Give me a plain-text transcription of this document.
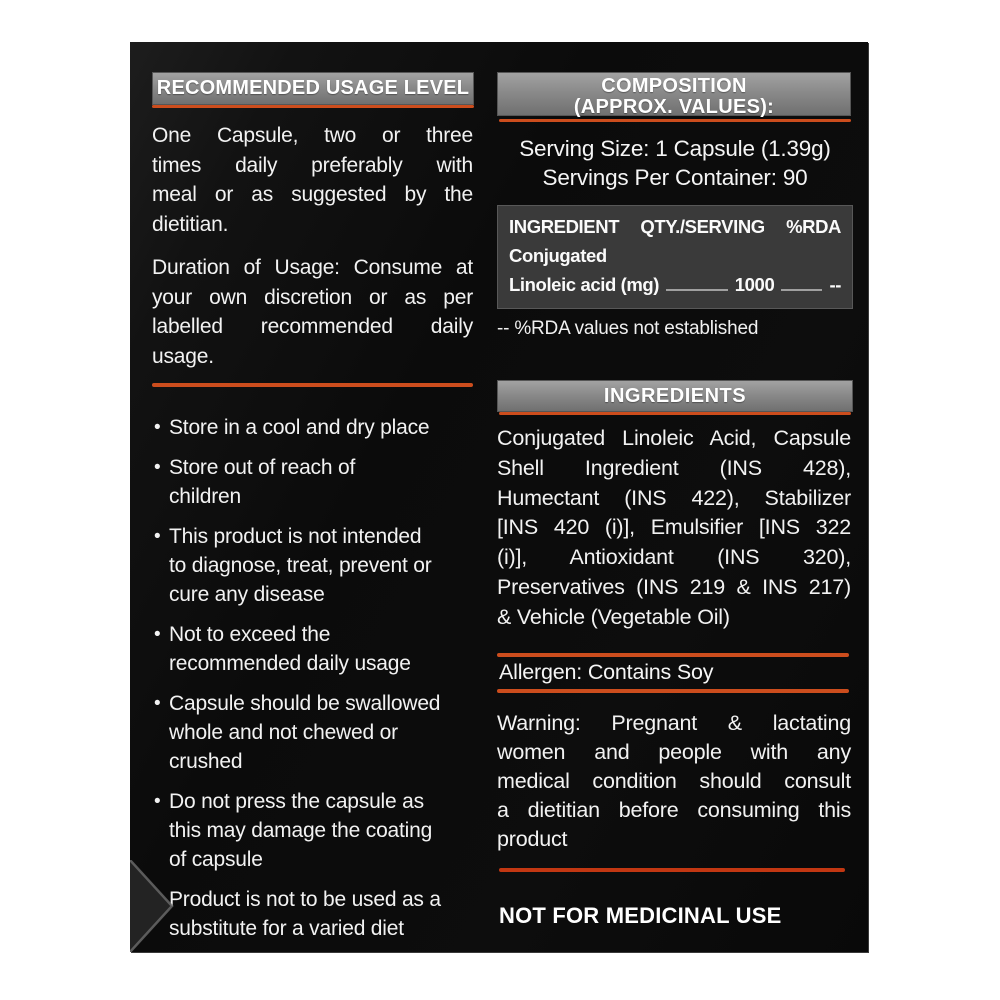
RECOMMENDED USAGE LEVEL
One Capsule, two or three
times daily preferably with
meal or as suggested by the
dietitian.
Duration of Usage: Consume at
your own discretion or as per
labelled recommended daily
usage.
• Store in a cool and dry place
• Store out of reach of
children
• This product is not intended
to diagnose, treat, prevent or
cure any disease
• Not to exceed the
recommended daily usage
• Capsule should be swallowed
whole and not chewed or
crushed
• Do not press the capsule as
this may damage the coating
of capsule
Product is not to be used as a
substitute for a varied diet
COMPOSITION
(APPROX. VALUES):
Serving Size: 1 Capsule (1.39g)
Servings Per Container: 90
INGREDIENT QTY./SERVING %RDA
Conjugated
Linoleic acid (mg)	1000	--
-- %RDA values not established
INGREDIENTS
Conjugated Linoleic Acid, Capsule
Shell Ingredient (INS 428),
Humectant (INS 422), Stabilizer
[INS 420 (i)], Emulsifier [INS 322
(i)], Antioxidant (INS 320),
Preservatives (INS 219 & INS 217)
& Vehicle (Vegetable Oil)
Allergen: Contains Soy
Warning: Pregnant & lactating
women and people with any
medical condition should consult
a dietitian before consuming this
product
NOT FOR MEDICINAL USE
